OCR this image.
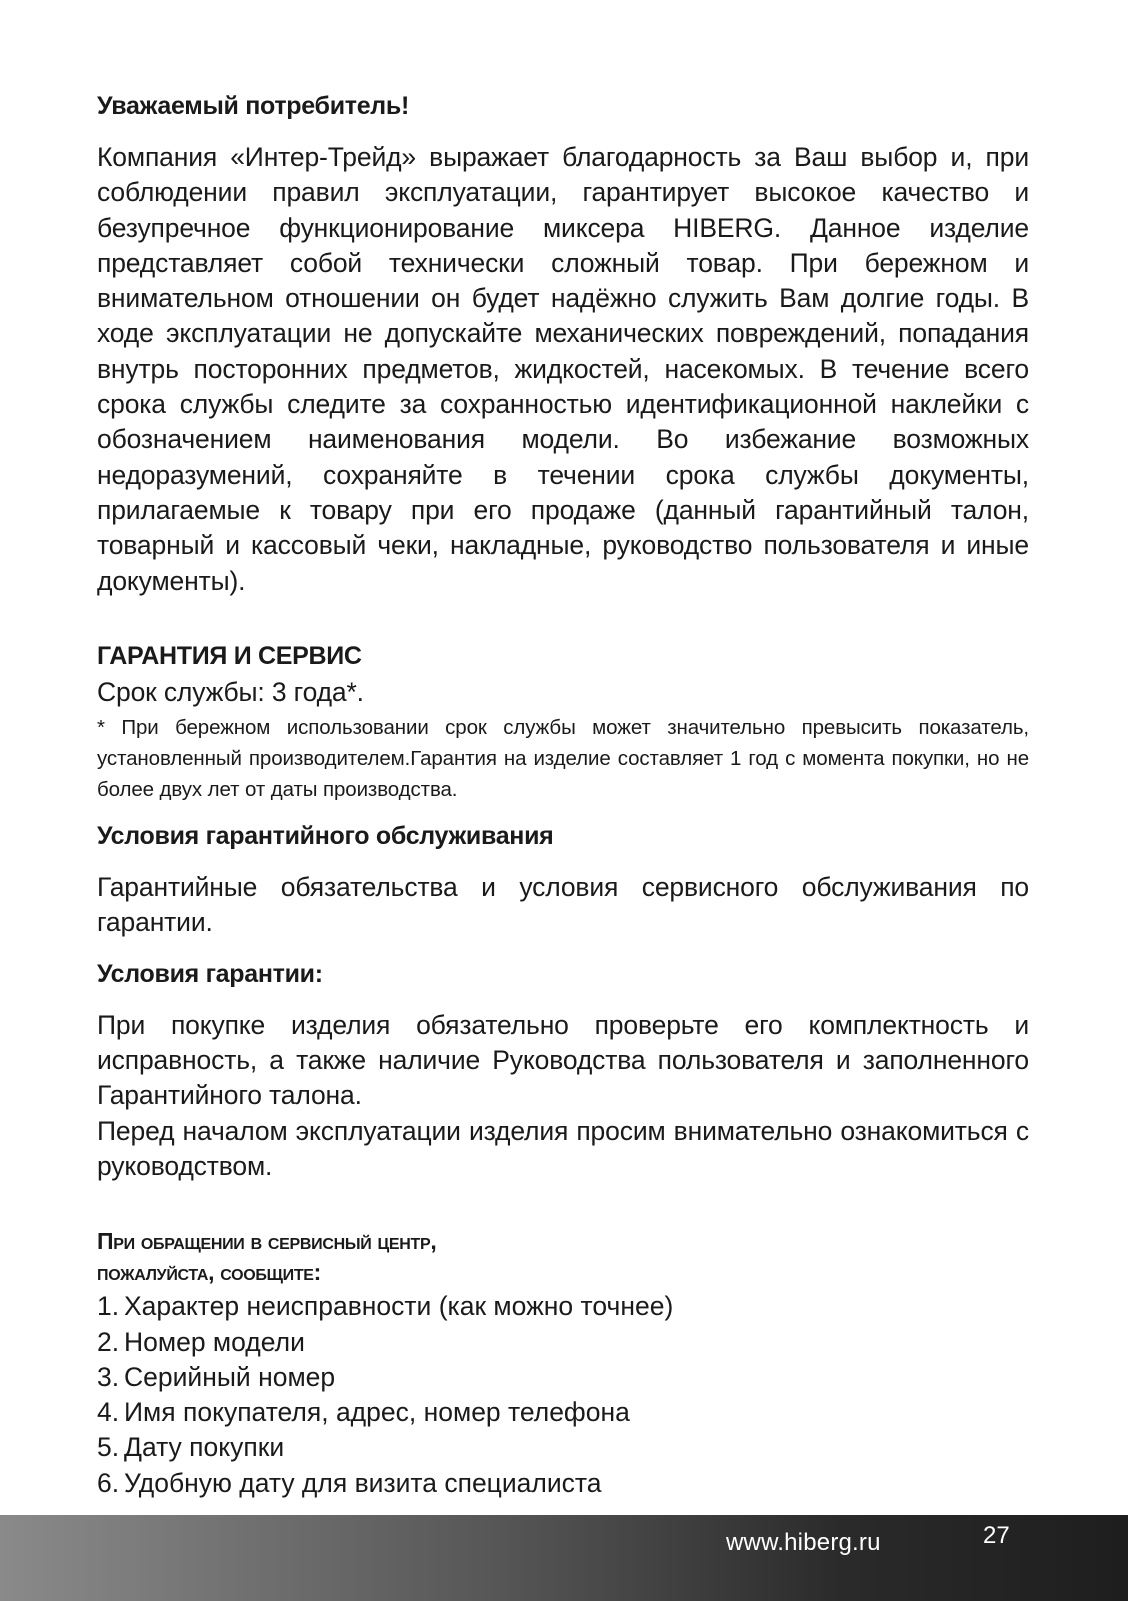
Уважаемый потребитель!

Компания «Интер-Трейд» выражает благодарность за Ваш выбор и, при соблюдении правил эксплуатации, гарантирует высокое качество и безупречное функционирование миксера HIBERG. Данное изделие представляет собой технически сложный товар. При бережном и внимательном отношении он будет надёжно служить Вам долгие годы. В ходе эксплуатации не допускайте механических повреждений, попадания внутрь посторонних предметов, жидкостей, насекомых. В течение всего срока службы следите за сохранностью идентификационной наклейки с обозначением наименования модели. Во избежание возможных недоразумений, сохраняйте в течении срока службы документы, прилагаемые к товару при его продаже (данный гарантийный талон, товарный и кассовый чеки, накладные, руководство пользователя и иные документы).

ГАРАНТИЯ И СЕРВИС

Срок службы: 3 года*.

* При бережном использовании срок службы может значительно превысить показатель, установленный производителем.Гарантия на изделие составляет 1 год с момента покупки, но не более двух лет от даты производства.

Условия гарантийного обслуживания

Гарантийные обязательства и условия сервисного обслуживания по гарантии.

Условия гарантии:

При покупке изделия обязательно проверьте его комплектность и исправность, а также наличие Руководства пользователя и заполненного Гарантийного талона.

Перед началом эксплуатации изделия просим внимательно ознакомиться с руководством.

При обращении в сервисный центр,
пожалуйста, сообщите:
1. Характер неисправности (как можно точнее)
2. Номер модели
3. Серийный номер
4. Имя покупателя, адрес, номер телефона
5. Дату покупки
6. Удобную дату для визита специалиста
www.hiberg.ru	27
